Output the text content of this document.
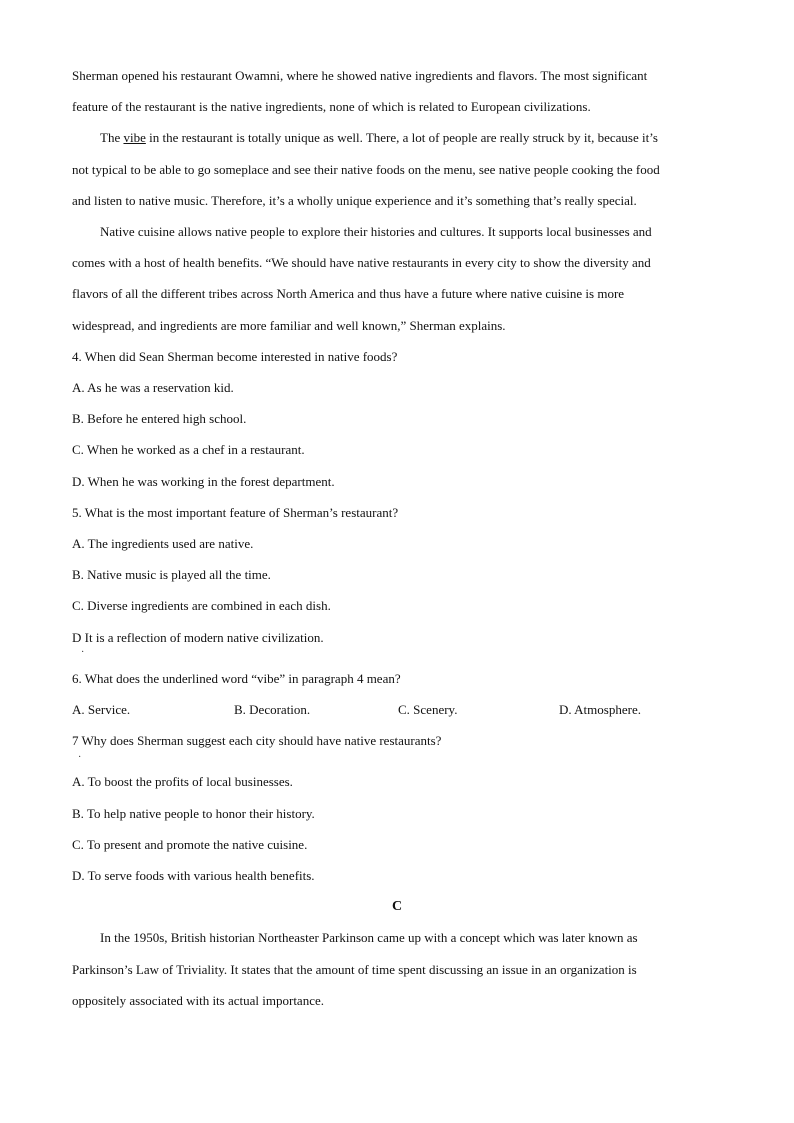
Sherman opened his restaurant Owamni, where he showed native ingredients and flavors. The most significant
feature of the restaurant is the native ingredients, none of which is related to European civilizations.
The vibe in the restaurant is totally unique as well. There, a lot of people are really struck by it, because it’s
not typical to be able to go someplace and see their native foods on the menu, see native people cooking the food
and listen to native music. Therefore, it’s a wholly unique experience and it’s something that’s really special.
Native cuisine allows native people to explore their histories and cultures. It supports local businesses and
comes with a host of health benefits. “We should have native restaurants in every city to show the diversity and
flavors of all the different tribes across North America and thus have a future where native cuisine is more
widespread, and ingredients are more familiar and well known,” Sherman explains.
4. When did Sean Sherman become interested in native foods?
A. As he was a reservation kid.
B. Before he entered high school.
C. When he worked as a chef in a restaurant.
D. When he was working in the forest department.
5. What is the most important feature of Sherman’s restaurant?
A. The ingredients used are native.
B. Native music is played all the time.
C. Diverse ingredients are combined in each dish.
D It is a reflection of modern native civilization.
6. What does the underlined word “vibe” in paragraph 4 mean?
A. Service.	B. Decoration.	C. Scenery.	D. Atmosphere.
7 Why does Sherman suggest each city should have native restaurants?
A. To boost the profits of local businesses.
B. To help native people to honor their history.
C. To present and promote the native cuisine.
D. To serve foods with various health benefits.
C
In the 1950s, British historian Northeaster Parkinson came up with a concept which was later known as
Parkinson’s Law of Triviality. It states that the amount of time spent discussing an issue in an organization is
oppositely associated with its actual importance.
·
·
